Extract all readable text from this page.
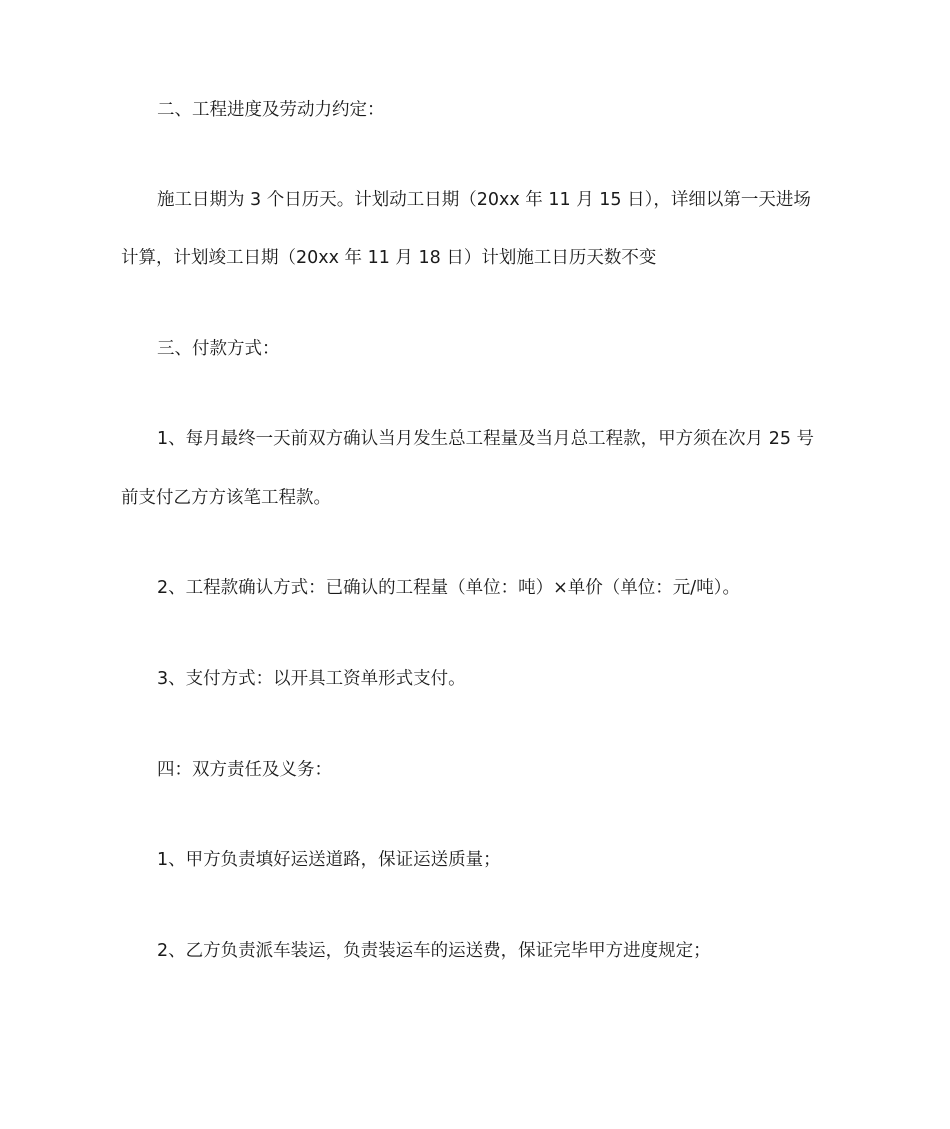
二、工程进度及劳动力约定：
施工日期为 3 个日历天。计划动工日期（20xx 年 11 月 15 日），详细以第一天进场
计算，计划竣工日期（20xx 年 11 月 18 日）计划施工日历天数不变
三、付款方式：
1、每月最终一天前双方确认当月发生总工程量及当月总工程款，甲方须在次月 25 号
前支付乙方方该笔工程款。
2、工程款确认方式：已确认的工程量（单位：吨）×单价（单位：元/吨）。
3、支付方式：以开具工资单形式支付。
四：双方责任及义务：
1、甲方负责填好运送道路，保证运送质量；
2、乙方负责派车装运，负责装运车的运送费，保证完毕甲方进度规定；
